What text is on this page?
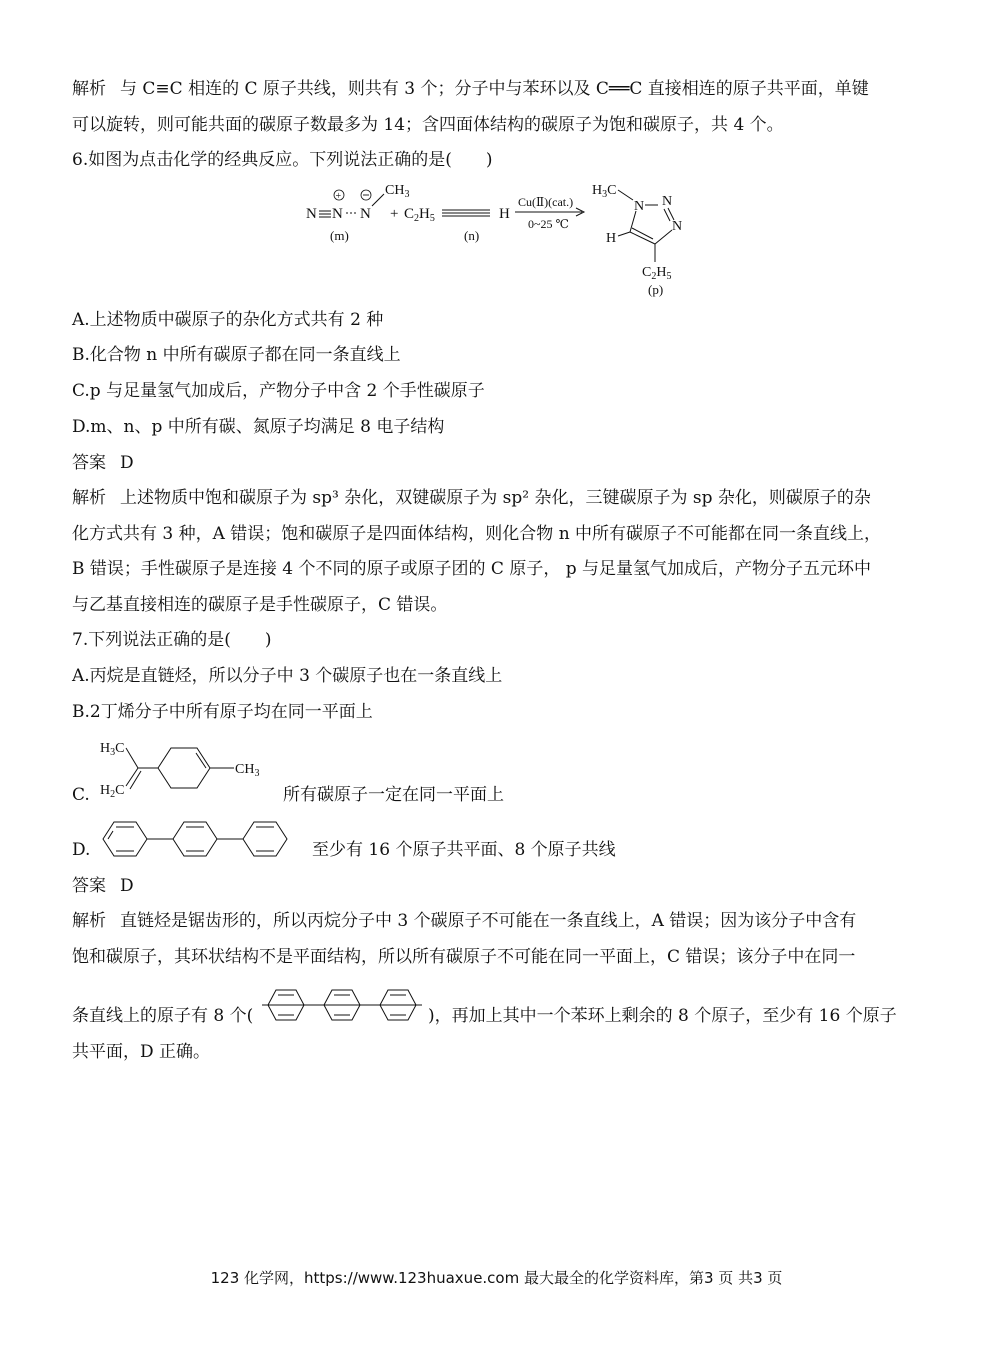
解析 与 C≡C 相连的 C 原子共线，则共有 3 个；分子中与苯环以及 C══C 直接相连的原子共平面，单键
可以旋转，则可能共面的碳原子数最多为 14；含四面体结构的碳原子为饱和碳原子，共 4 个。
6.如图为点击化学的经典反应。下列说法正确的是(　　)
N N
+
N
$CH_3$
(m)
+ $C_2H_5$	H
(n)
Cu(Ⅱ)(cat.)
0~25 ℃
$H_3C$
N N
N
H
$C_2H_5$
(p)
A.上述物质中碳原子的杂化方式共有 2 种
B.化合物 n 中所有碳原子都在同一条直线上
C.p 与足量氢气加成后，产物分子中含 2 个手性碳原子
D.m、n、p 中所有碳、氮原子均满足 8 电子结构
答案 D
解析 上述物质中饱和碳原子为 sp³ 杂化，双键碳原子为 sp² 杂化，三键碳原子为 sp 杂化，则碳原子的杂
化方式共有 3 种，A 错误；饱和碳原子是四面体结构，则化合物 n 中所有碳原子不可能都在同一条直线上，
B 错误；手性碳原子是连接 4 个不同的原子或原子团的 C 原子， p 与足量氢气加成后，产物分子五元环中
与乙基直接相连的碳原子是手性碳原子，C 错误。
7.下列说法正确的是(　　)
A.丙烷是直链烃，所以分子中 3 个碳原子也在一条直线上
B.2丁烯分子中所有原子均在同一平面上
$H_3C$
$H_2C$
$CH_3$
C.	所有碳原子一定在同一平面上
D.	至少有 16 个原子共平面、8 个原子共线
答案 D
解析 直链烃是锯齿形的，所以丙烷分子中 3 个碳原子不可能在一条直线上，A 错误；因为该分子中含有
饱和碳原子，其环状结构不是平面结构，所以所有碳原子不可能在同一平面上，C 错误；该分子中在同一
条直线上的原子有 8 个(	)，再加上其中一个苯环上剩余的 8 个原子，至少有 16 个原子
共平面，D 正确。
123 化学网，https://www.123huaxue.com 最大最全的化学资料库，第3 页 共3 页
